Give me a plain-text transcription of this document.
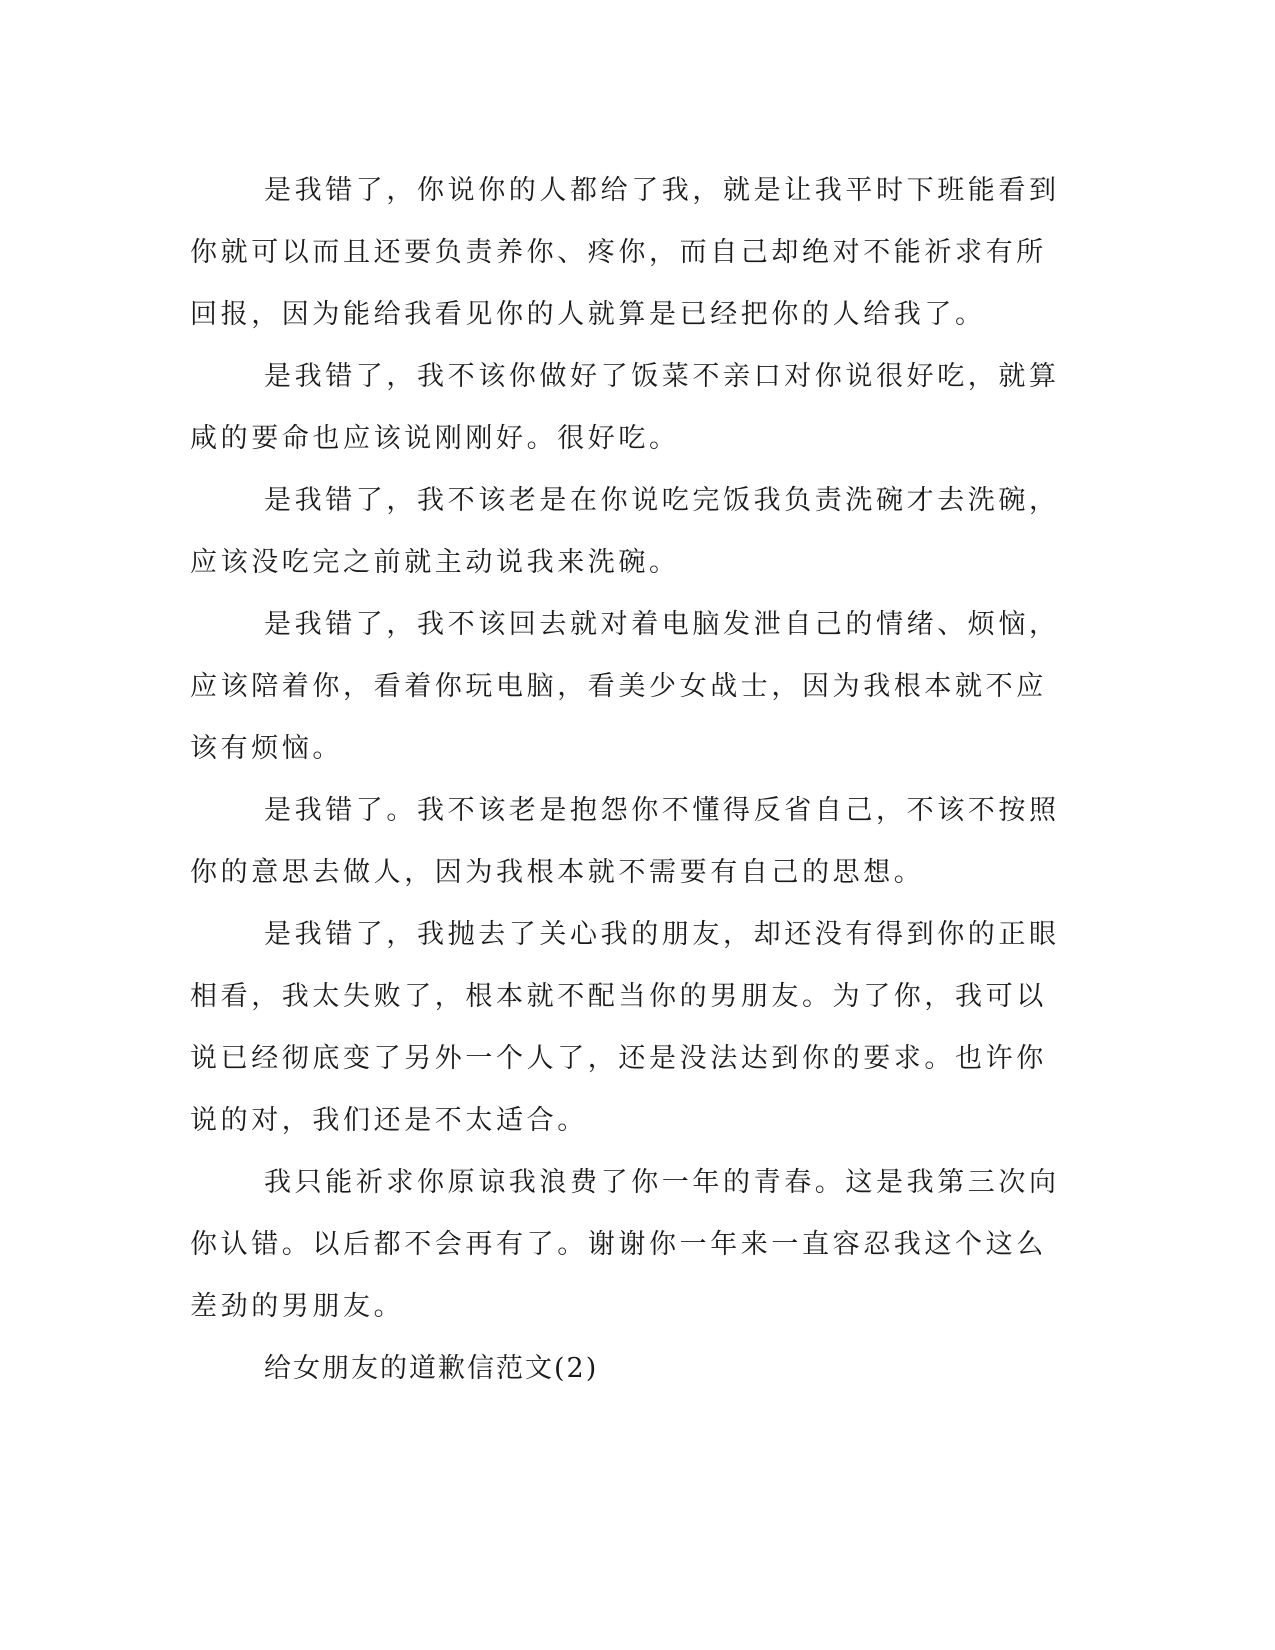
是我错了，你说你的人都给了我，就是让我平时下班能看到你就可以而且还要负责养你、疼你，而自己却绝对不能祈求有所回报，因为能给我看见你的人就算是已经把你的人给我了。

是我错了，我不该你做好了饭菜不亲口对你说很好吃，就算咸的要命也应该说刚刚好。很好吃。

是我错了，我不该老是在你说吃完饭我负责洗碗才去洗碗，应该没吃完之前就主动说我来洗碗。

是我错了，我不该回去就对着电脑发泄自己的情绪、烦恼，应该陪着你，看着你玩电脑，看美少女战士，因为我根本就不应该有烦恼。

是我错了。我不该老是抱怨你不懂得反省自己，不该不按照你的意思去做人，因为我根本就不需要有自己的思想。

是我错了，我抛去了关心我的朋友，却还没有得到你的正眼相看，我太失败了，根本就不配当你的男朋友。为了你，我可以说已经彻底变了另外一个人了，还是没法达到你的要求。也许你说的对，我们还是不太适合。

我只能祈求你原谅我浪费了你一年的青春。这是我第三次向你认错。以后都不会再有了。谢谢你一年来一直容忍我这个这么差劲的男朋友。

给女朋友的道歉信范文(2)
